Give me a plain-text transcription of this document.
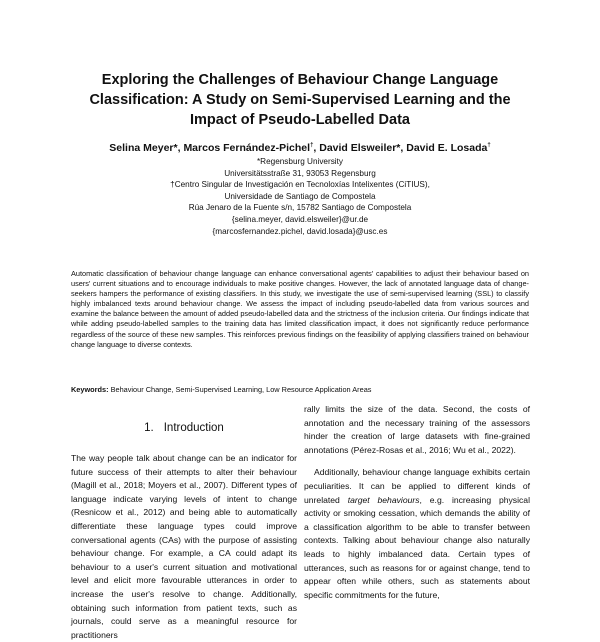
Exploring the Challenges of Behaviour Change Language
Classification: A Study on Semi-Supervised Learning and the
Impact of Pseudo-Labelled Data
Selina Meyer*, Marcos Fernández-Pichel†, David Elsweiler*, David E. Losada†
*Regensburg University
Universitätsstraße 31, 93053 Regensburg
†Centro Singular de Investigación en Tecnoloxías Intelixentes (CiTIUS),
Universidade de Santiago de Compostela
Rúa Jenaro de la Fuente s/n, 15782 Santiago de Compostela
{selina.meyer, david.elsweiler}@ur.de
{marcosfernandez.pichel, david.losada}@usc.es
Automatic classification of behaviour change language can enhance conversational agents' capabilities to adjust their behaviour based on users' current situations and to encourage individuals to make positive changes. However, the lack of annotated language data of change-seekers hampers the performance of existing classifiers. In this study, we investigate the use of semi-supervised learning (SSL) to classify highly imbalanced texts around behaviour change. We assess the impact of including pseudo-labelled data from various sources and examine the balance between the amount of added pseudo-labelled data and the strictness of the inclusion criteria. Our findings indicate that while adding pseudo-labelled samples to the training data has limited classification impact, it does not significantly reduce performance regardless of the source of these new samples. This reinforces previous findings on the feasibility of applying classifiers trained on behaviour change language to diverse contexts.
Keywords: Behaviour Change, Semi-Supervised Learning, Low Resource Application Areas
1. Introduction

The way people talk about change can be an indicator for future success of their attempts to alter their behaviour (Magill et al., 2018; Moyers et al., 2007). Different types of language indicate varying levels of intent to change (Resnicow et al., 2012) and being able to automatically differentiate these language types could improve conversational agents (CAs) with the purpose of assisting behaviour change. For example, a CA could adapt its behaviour to a user's current situation and motivational level and elicit more favourable utterances in order to increase the user's resolve to change. Additionally, obtaining such information from patient texts, such as journals, could serve as a meaningful resource for practitioners

rally limits the size of the data. Second, the costs of annotation and the necessary training of the assessors hinder the creation of large datasets with fine-grained annotations (Pérez-Rosas et al., 2016; Wu et al., 2022).

Additionally, behaviour change language exhibits certain peculiarities. It can be applied to different kinds of unrelated target behaviours, e.g. increasing physical activity or smoking cessation, which demands the ability of a classification algorithm to be able to transfer between contexts. Talking about behaviour change also naturally leads to highly imbalanced data. Certain types of utterances, such as reasons for or against change, tend to appear often while others, such as statements about specific commitments for the future,
